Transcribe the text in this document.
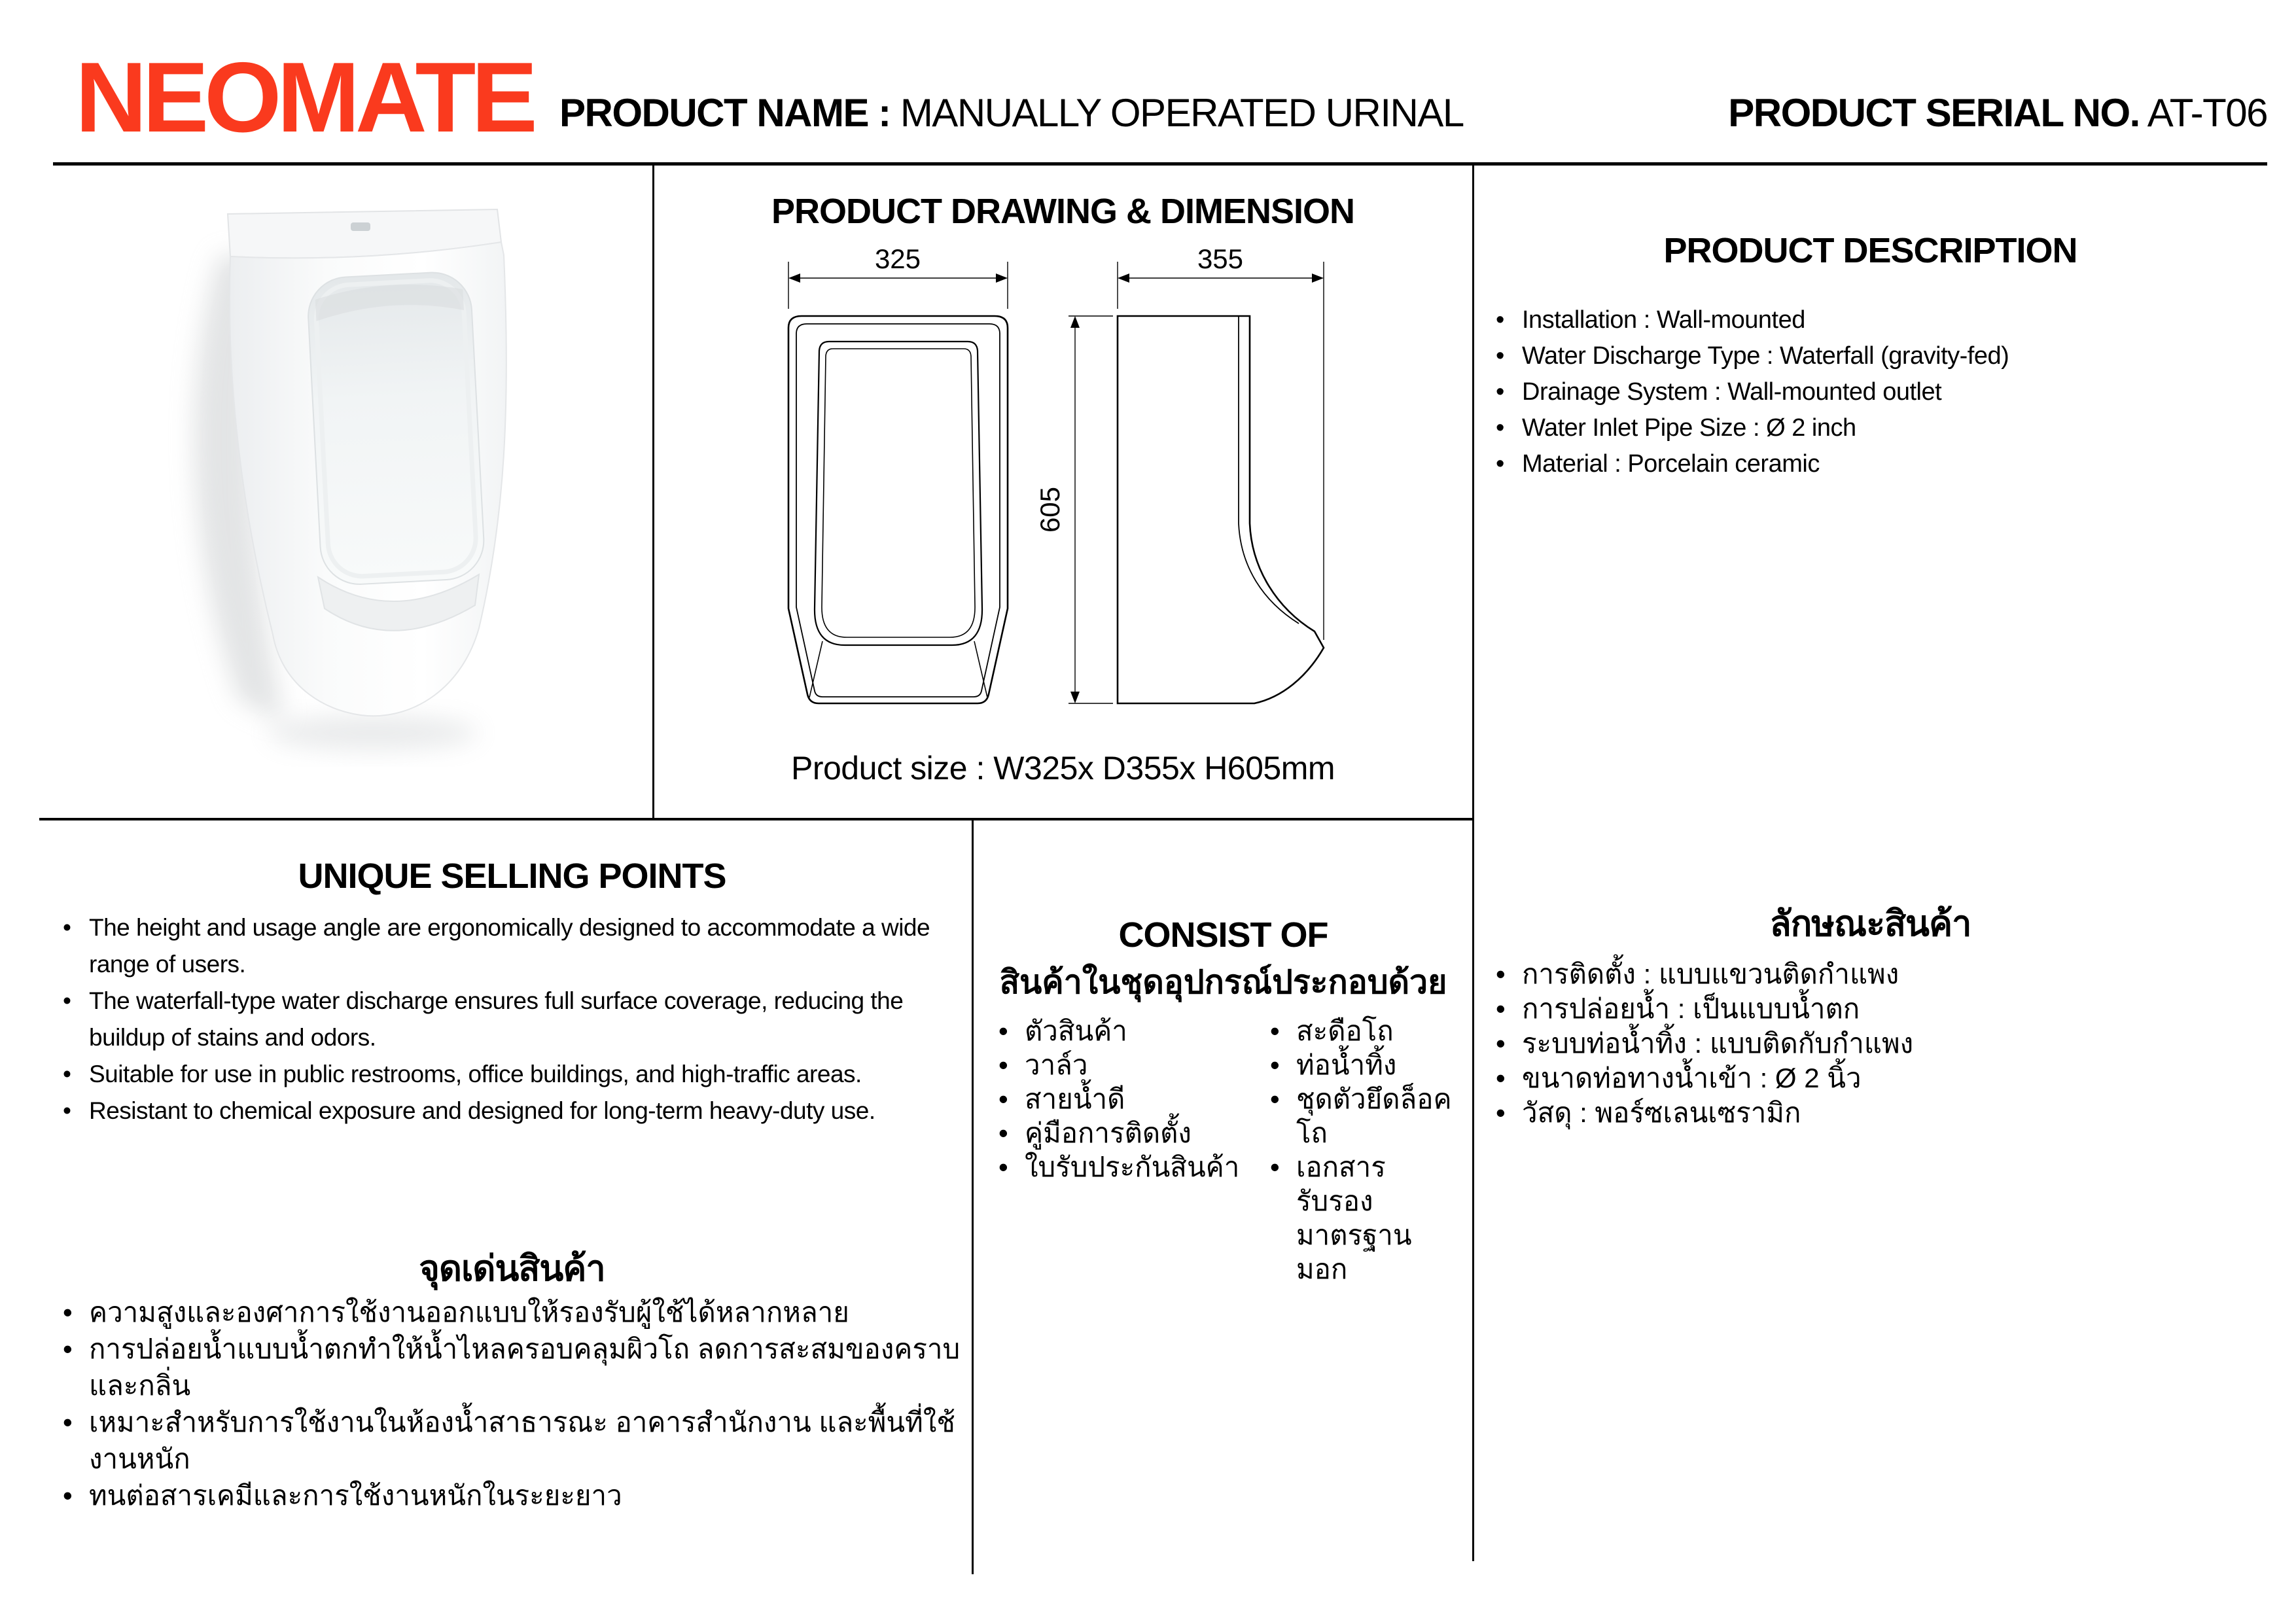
NEOMATE PRODUCT NAME : MANUALLY OPERATED URINAL	PRODUCT SERIAL NO. AT-T06
PRODUCT DRAWING & DIMENSION
325	355
605
Product size : W325x D355x H605mm
PRODUCT DESCRIPTION
• Installation : Wall-mounted
• Water Discharge Type : Waterfall (gravity-fed)
• Drainage System : Wall-mounted outlet
• Water Inlet Pipe Size : Ø 2 inch
• Material : Porcelain ceramic
UNIQUE SELLING POINTS
• The height and usage angle are ergonomically designed to accommodate a wide range of users.
• The waterfall-type water discharge ensures full surface coverage, reducing the buildup of stains and odors.
• Suitable for use in public restrooms, office buildings, and high-traffic areas.
• Resistant to chemical exposure and designed for long-term heavy-duty use.
CONSIST OF
สินค้าในชุดอุปกรณ์ประกอบด้วย
• ตัวสินค้า
• วาล์ว
• สายน้ำดี
• คู่มือการติดตั้ง
• ใบรับประกันสินค้า
• สะดือโถ
• ท่อน้ำทิ้ง
• ชุดตัวยึดล็อคโถ
• เอกสารรับรอง มาตรฐาน มอก
ลักษณะสินค้า
• การติดตั้ง : แบบแขวนติดกำแพง
• การปล่อยน้ำ : เป็นแบบน้ำตก
• ระบบท่อน้ำทิ้ง : แบบติดกับกำแพง
• ขนาดท่อทางน้ำเข้า : Ø 2 นิ้ว
• วัสดุ : พอร์ซเลนเซรามิก
จุดเด่นสินค้า
• ความสูงและองศาการใช้งานออกแบบให้รองรับผู้ใช้ได้หลากหลาย
• การปล่อยน้ำแบบน้ำตกทำให้น้ำไหลครอบคลุมผิวโถ ลดการสะสมของคราบและกลิ่น
• เหมาะสำหรับการใช้งานในห้องน้ำสาธารณะ อาคารสำนักงาน และพื้นที่ใช้งานหนัก
• ทนต่อสารเคมีและการใช้งานหนักในระยะยาว
